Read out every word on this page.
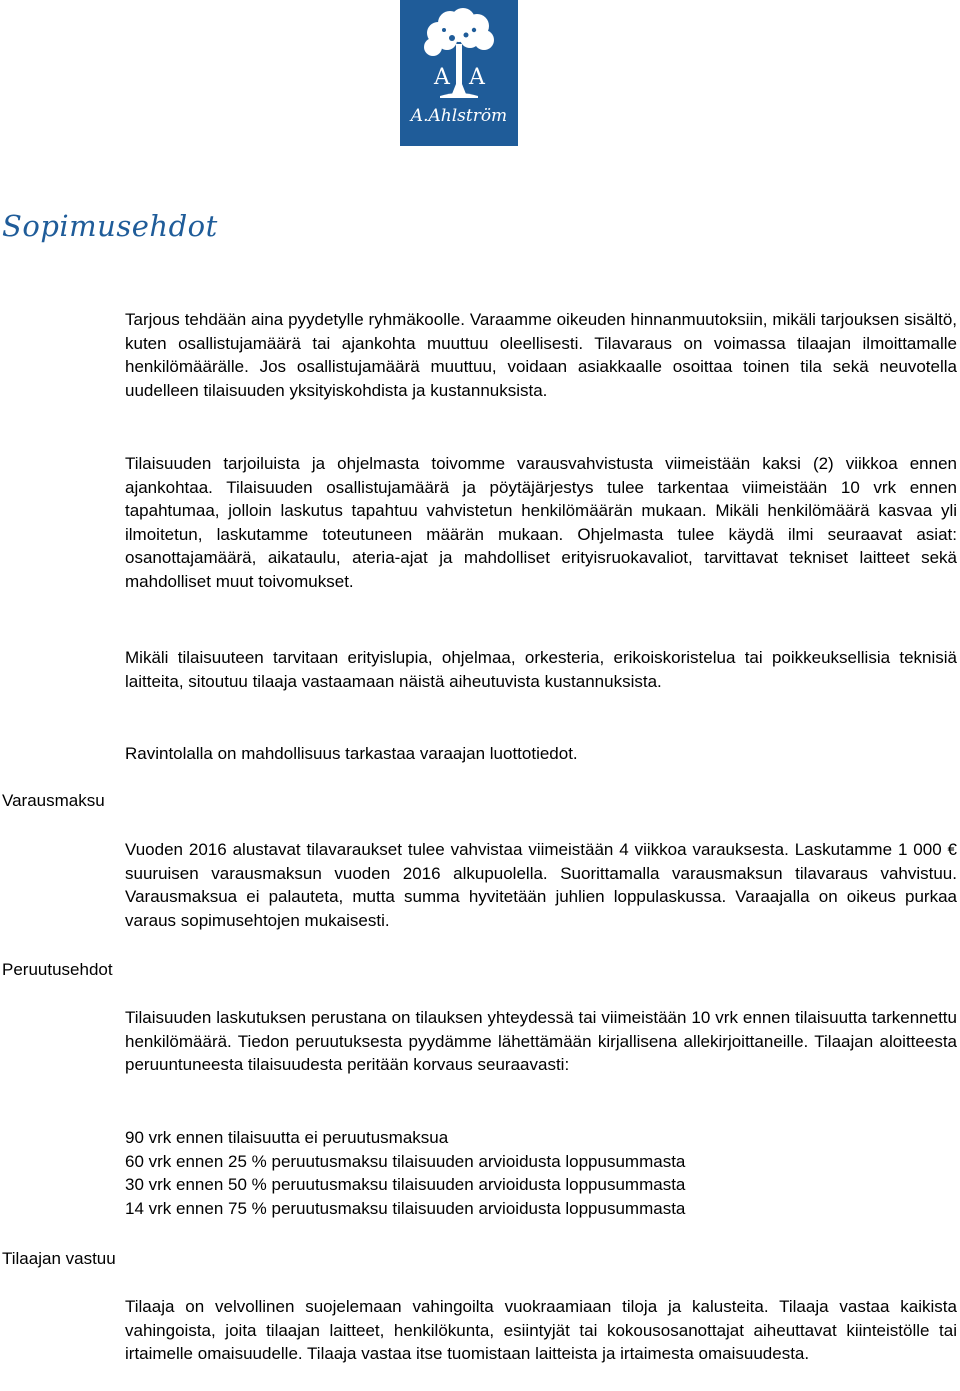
A A
A.Ahlström
Sopimusehdot

Tarjous tehdään aina pyydetylle ryhmäkoolle. Varaamme oikeuden hinnanmuutoksiin, mikäli tarjouksen sisältö, kuten osallistujamäärä tai ajankohta muuttuu oleellisesti. Tilavaraus on voimassa tilaajan ilmoittamalle henkilömäärälle. Jos osallistujamäärä muuttuu, voidaan asiakkaalle osoittaa toinen tila sekä neuvotella uudelleen tilaisuuden yksityiskohdista ja kustannuksista.

Tilaisuuden tarjoiluista ja ohjelmasta toivomme varausvahvistusta viimeistään kaksi (2) viikkoa ennen ajankohtaa. Tilaisuuden osallistujamäärä ja pöytäjärjestys tulee tarkentaa viimeistään 10 vrk ennen tapahtumaa, jolloin laskutus tapahtuu vahvistetun henkilömäärän mukaan. Mikäli henkilömäärä kasvaa yli ilmoitetun, laskutamme toteutuneen määrän mukaan. Ohjelmasta tulee käydä ilmi seuraavat asiat: osanottajamäärä, aikataulu, ateria-ajat ja mahdolliset erityisruokavaliot, tarvittavat tekniset laitteet sekä mahdolliset muut toivomukset.

Mikäli tilaisuuteen tarvitaan erityislupia, ohjelmaa, orkesteria, erikoiskoristelua tai poikkeuksellisia teknisiä laitteita, sitoutuu tilaaja vastaamaan näistä aiheutuvista kustannuksista.

Ravintolalla on mahdollisuus tarkastaa varaajan luottotiedot.

Varausmaksu

Vuoden 2016 alustavat tilavaraukset tulee vahvistaa viimeistään 4 viikkoa varauksesta. Laskutamme 1 000 € suuruisen varausmaksun vuoden 2016 alkupuolella. Suorittamalla varausmaksun tilavaraus vahvistuu. Varausmaksua ei palauteta, mutta summa hyvitetään juhlien loppulaskussa. Varaajalla on oikeus purkaa varaus sopimusehtojen mukaisesti.

Peruutusehdot

Tilaisuuden laskutuksen perustana on tilauksen yhteydessä tai viimeistään 10 vrk ennen tilaisuutta tarkennettu henkilömäärä. Tiedon peruutuksesta pyydämme lähettämään kirjallisena allekirjoittaneille. Tilaajan aloitteesta peruuntuneesta tilaisuudesta peritään korvaus seuraavasti:

90 vrk ennen tilaisuutta ei peruutusmaksua
60 vrk ennen 25 % peruutusmaksu tilaisuuden arvioidusta loppusummasta
30 vrk ennen 50 % peruutusmaksu tilaisuuden arvioidusta loppusummasta
14 vrk ennen 75 % peruutusmaksu tilaisuuden arvioidusta loppusummasta

Tilaajan vastuu

Tilaaja on velvollinen suojelemaan vahingoilta vuokraamiaan tiloja ja kalusteita. Tilaaja vastaa kaikista vahingoista, joita tilaajan laitteet, henkilökunta, esiintyjät tai kokousosanottajat aiheuttavat kiinteistölle tai irtaimelle omaisuudelle. Tilaaja vastaa itse tuomistaan laitteista ja irtaimesta omaisuudesta.
